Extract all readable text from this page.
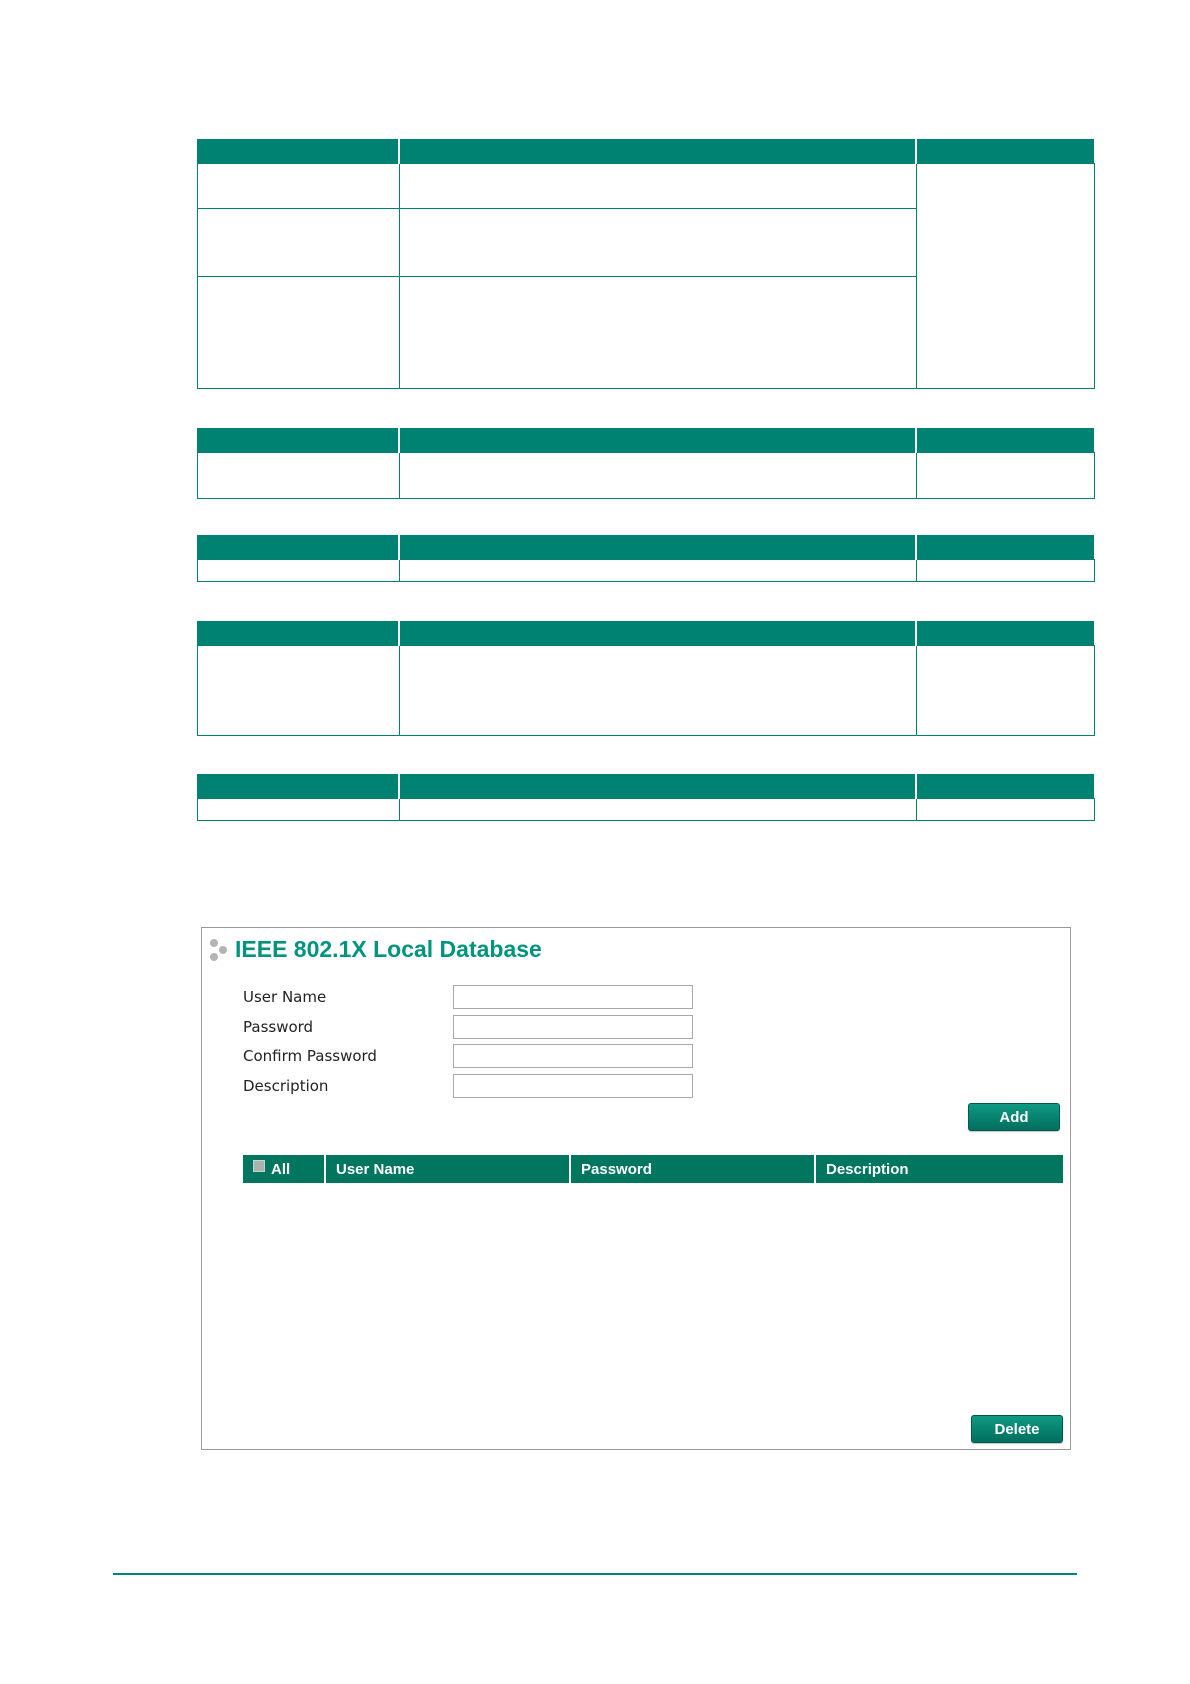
IEEE 802.1X Local Database
User Name
Password
Confirm Password
Description
Add
All	User Name	Password	Description
Delete
